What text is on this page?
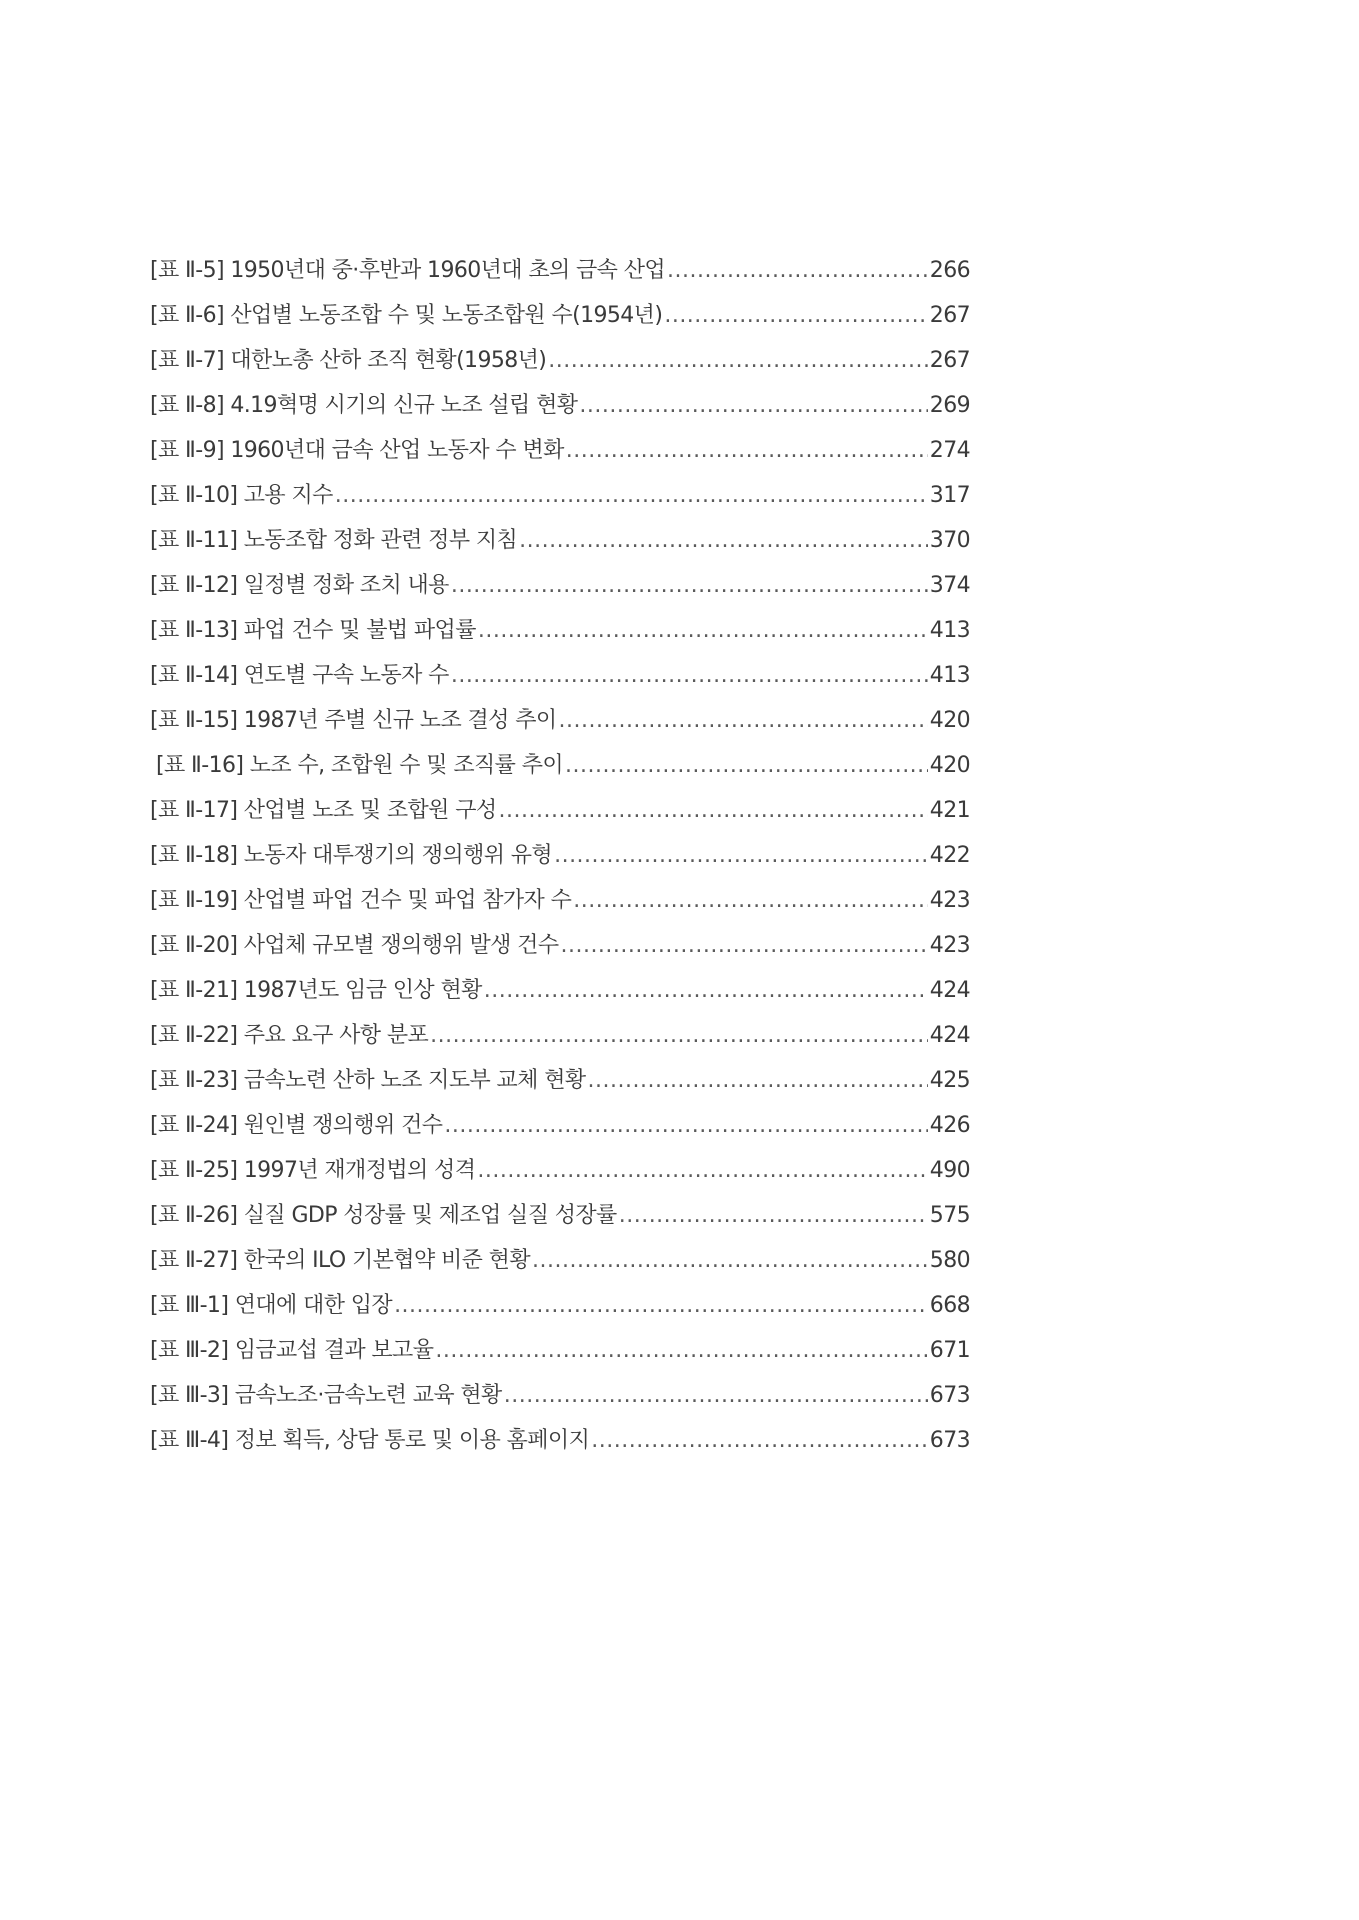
[표 Ⅱ-5] 1950년대 중·후반과 1960년대 초의 금속 산업 .....	266
[표 Ⅱ-6] 산업별 노동조합 수 및 노동조합원 수(1954년) .....	267
[표 Ⅱ-7] 대한노총 산하 조직 현황(1958년) .....	267
[표 Ⅱ-8] 4.19혁명 시기의 신규 노조 설립 현황 .....	269
[표 Ⅱ-9] 1960년대 금속 산업 노동자 수 변화 .....	274
[표 Ⅱ-10] 고용 지수 .....	317
[표 Ⅱ-11] 노동조합 정화 관련 정부 지침 .....	370
[표 Ⅱ-12] 일정별 정화 조치 내용 .....	374
[표 Ⅱ-13] 파업 건수 및 불법 파업률 .....	413
[표 Ⅱ-14] 연도별 구속 노동자 수 .....	413
[표 Ⅱ-15] 1987년 주별 신규 노조 결성 추이 .....	420
[표 Ⅱ-16] 노조 수, 조합원 수 및 조직률 추이 .....	420
[표 Ⅱ-17] 산업별 노조 및 조합원 구성 .....	421
[표 Ⅱ-18] 노동자 대투쟁기의 쟁의행위 유형 .....	422
[표 Ⅱ-19] 산업별 파업 건수 및 파업 참가자 수 .....	423
[표 Ⅱ-20] 사업체 규모별 쟁의행위 발생 건수 .....	423
[표 Ⅱ-21] 1987년도 임금 인상 현황 .....	424
[표 Ⅱ-22] 주요 요구 사항 분포 .....	424
[표 Ⅱ-23] 금속노련 산하 노조 지도부 교체 현황 .....	425
[표 Ⅱ-24] 원인별 쟁의행위 건수 .....	426
[표 Ⅱ-25] 1997년 재개정법의 성격 .....	490
[표 Ⅱ-26] 실질 GDP 성장률 및 제조업 실질 성장률 .....	575
[표 Ⅱ-27] 한국의 ILO 기본협약 비준 현황 .....	580
[표 Ⅲ-1] 연대에 대한 입장 .....	668
[표 Ⅲ-2] 임금교섭 결과 보고율 .....	671
[표 Ⅲ-3] 금속노조·금속노련 교육 현황 .....	673
[표 Ⅲ-4] 정보 획득, 상담 통로 및 이용 홈페이지 .....	673
